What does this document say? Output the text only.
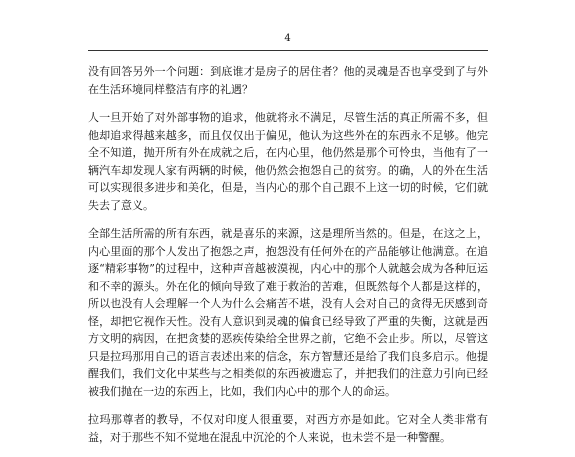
4

没有回答另外一个问题：到底谁才是房子的居住者？他的灵魂是否也享受到了与外在生活环境同样整洁有序的礼遇？

人一旦开始了对外部事物的追求，他就将永不满足，尽管生活的真正所需不多，但他却追求得越来越多，而且仅仅出于偏见，他认为这些外在的东西永不足够。他完全不知道，抛开所有外在成就之后，在内心里，他仍然是那个可怜虫，当他有了一辆汽车却发现人家有两辆的时候，他仍然会抱怨自己的贫穷。的确，人的外在生活可以实现很多进步和美化，但是，当内心的那个自己跟不上这一切的时候，它们就失去了意义。

全部生活所需的所有东西，就是喜乐的来源，这是理所当然的。但是，在这之上，内心里面的那个人发出了抱怨之声，抱怨没有任何外在的产品能够让他满意。在追逐“精彩事物”的过程中，这种声音越被漠视，内心中的那个人就越会成为各种厄运和不幸的源头。外在化的倾向导致了难于救治的苦难，但既然每个人都是这样的，所以也没有人会理解一个人为什么会痛苦不堪，没有人会对自己的贪得无厌感到奇怪，却把它视作天性。没有人意识到灵魂的偏食已经导致了严重的失衡，这就是西方文明的病因，在把贪婪的恶疾传染给全世界之前，它绝不会止步。所以，尽管这只是拉玛那用自己的语言表述出来的信念，东方智慧还是给了我们良多启示。他提醒我们，我们文化中某些与之相类似的东西被遗忘了，并把我们的注意力引向已经被我们抛在一边的东西上，比如，我们内心中的那个人的命运。

拉玛那尊者的教导，不仅对印度人很重要，对西方亦是如此。它对全人类非常有益，对于那些不知不觉地在混乱中沉沦的个人来说，也未尝不是一种警醒。
